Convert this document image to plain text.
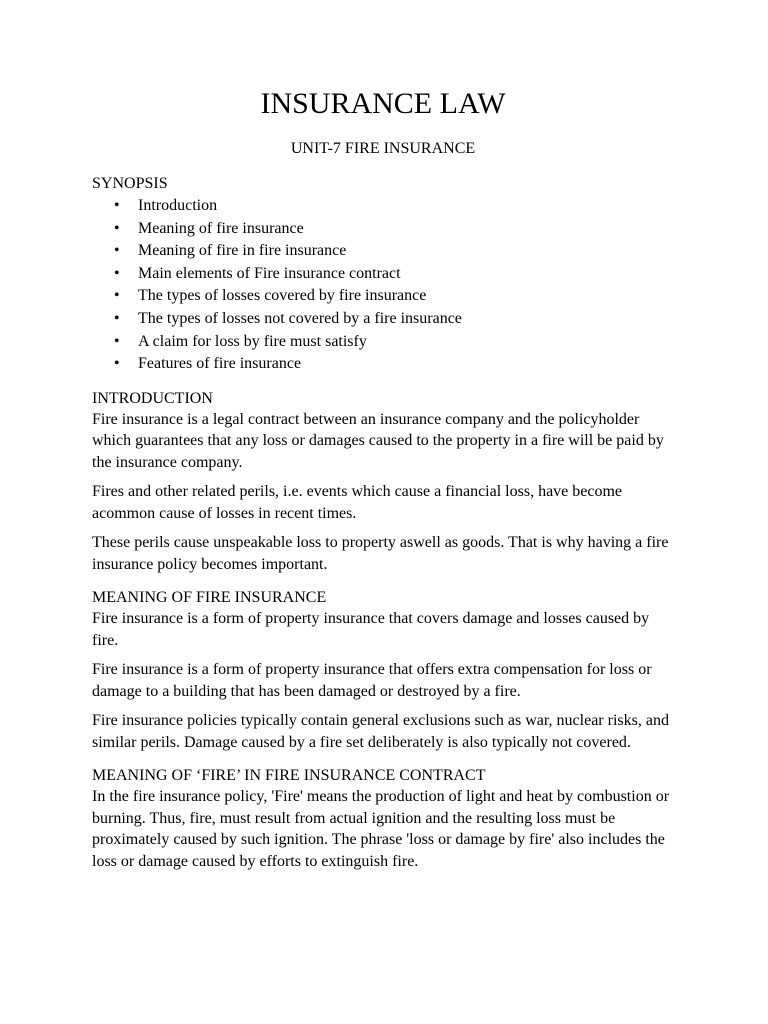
INSURANCE LAW
UNIT-7 FIRE INSURANCE

SYNOPSIS

• Introduction
• Meaning of fire insurance
• Meaning of fire in fire insurance
• Main elements of Fire insurance contract
• The types of losses covered by fire insurance
• The types of losses not covered by a fire insurance
• A claim for loss by fire must satisfy
• Features of fire insurance

INTRODUCTION

Fire insurance is a legal contract between an insurance company and the policyholder which guarantees that any loss or damages caused to the property in a fire will be paid by the insurance company.

Fires and other related perils, i.e. events which cause a financial loss, have become acommon cause of losses in recent times.

These perils cause unspeakable loss to property aswell as goods. That is why having a fire insurance policy becomes important.

MEANING OF FIRE INSURANCE

Fire insurance is a form of property insurance that covers damage and losses caused by fire.

Fire insurance is a form of property insurance that offers extra compensation for loss or damage to a building that has been damaged or destroyed by a fire.

Fire insurance policies typically contain general exclusions such as war, nuclear risks, and similar perils. Damage caused by a fire set deliberately is also typically not covered.

MEANING OF ‘FIRE’ IN FIRE INSURANCE CONTRACT

In the fire insurance policy, 'Fire' means the production of light and heat by combustion or burning. Thus, fire, must result from actual ignition and the resulting loss must be proximately caused by such ignition. The phrase 'loss or damage by fire' also includes the loss or damage caused by efforts to extinguish fire.
